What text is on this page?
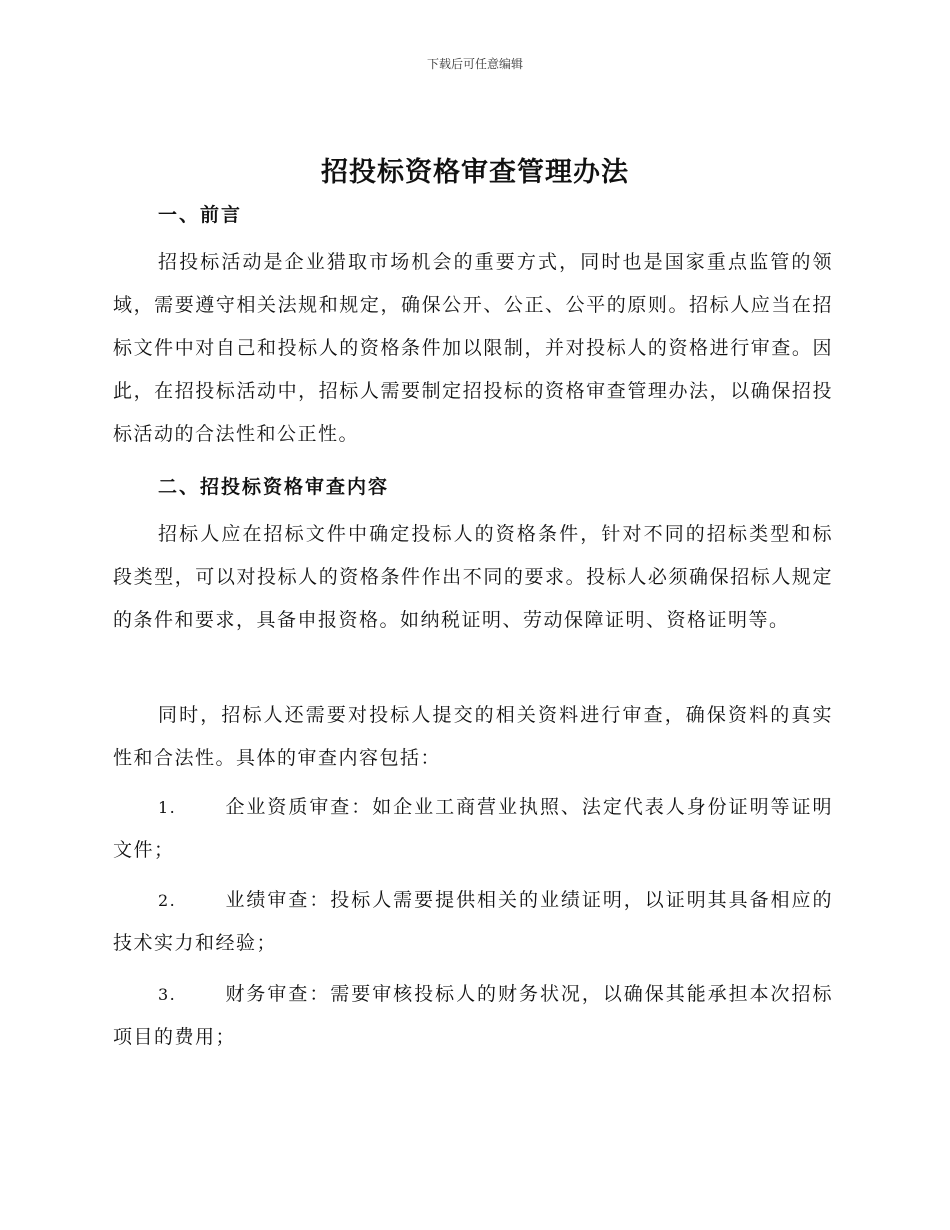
下载后可任意编辑
招投标资格审查管理办法
一、前言

招投标活动是企业猎取市场机会的重要方式，同时也是国家重点监管的领域，需要遵守相关法规和规定，确保公开、公正、公平的原则。招标人应当在招标文件中对自己和投标人的资格条件加以限制，并对投标人的资格进行审查。因此，在招投标活动中，招标人需要制定招投标的资格审查管理办法，以确保招投标活动的合法性和公正性。

二、招投标资格审查内容

招标人应在招标文件中确定投标人的资格条件，针对不同的招标类型和标段类型，可以对投标人的资格条件作出不同的要求。投标人必须确保招标人规定的条件和要求，具备申报资格。如纳税证明、劳动保障证明、资格证明等。

同时，招标人还需要对投标人提交的相关资料进行审查，确保资料的真实性和合法性。具体的审查内容包括：

1.	企业资质审查：如企业工商营业执照、法定代表人身份证明等证明文件；
2.	业绩审查：投标人需要提供相关的业绩证明，以证明其具备相应的技术实力和经验；
3.	财务审查：需要审核投标人的财务状况，以确保其能承担本次招标项目的费用；
